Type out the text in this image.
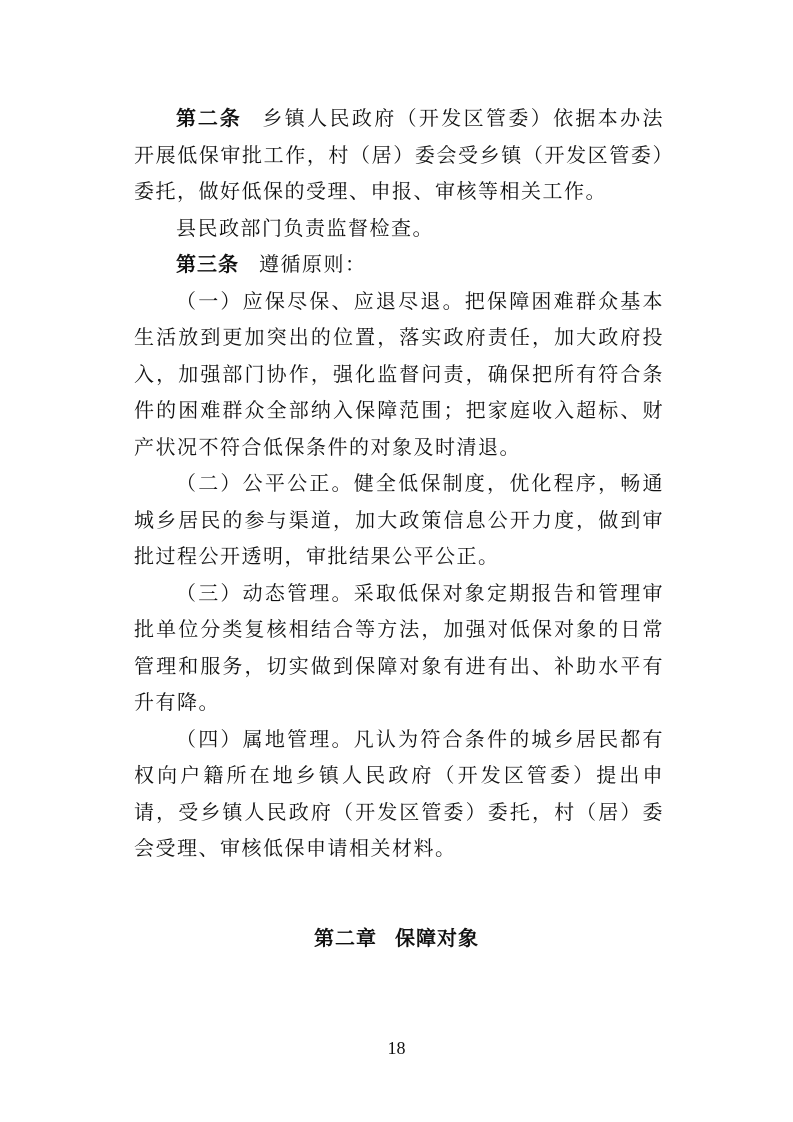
第二条 乡镇人民政府（开发区管委）依据本办法开展低保审批工作，村（居）委会受乡镇（开发区管委）委托，做好低保的受理、申报、审核等相关工作。

县民政部门负责监督检查。

第三条 遵循原则：

（一）应保尽保、应退尽退。把保障困难群众基本生活放到更加突出的位置，落实政府责任，加大政府投入，加强部门协作，强化监督问责，确保把所有符合条件的困难群众全部纳入保障范围；把家庭收入超标、财产状况不符合低保条件的对象及时清退。

（二）公平公正。健全低保制度，优化程序，畅通城乡居民的参与渠道，加大政策信息公开力度，做到审批过程公开透明，审批结果公平公正。

（三）动态管理。采取低保对象定期报告和管理审批单位分类复核相结合等方法，加强对低保对象的日常管理和服务，切实做到保障对象有进有出、补助水平有升有降。

（四）属地管理。凡认为符合条件的城乡居民都有权向户籍所在地乡镇人民政府（开发区管委）提出申请，受乡镇人民政府（开发区管委）委托，村（居）委会受理、审核低保申请相关材料。

第二章 保障对象
18
